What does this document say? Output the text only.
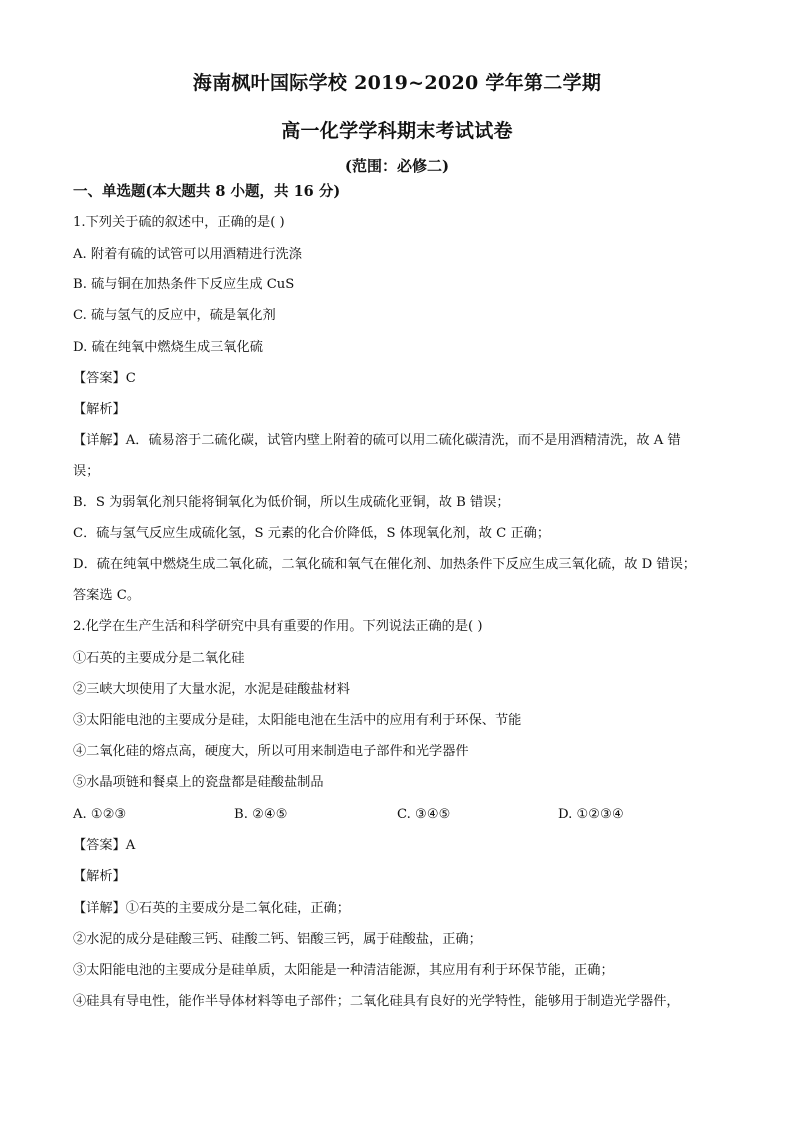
海南枫叶国际学校 2019~2020 学年第二学期
高一化学学科期末考试试卷
(范围：必修二)
一、单选题(本大题共 8 小题，共 16 分)
1.下列关于硫的叙述中，正确的是( )
A. 附着有硫的试管可以用酒精进行洗涤
B. 硫与铜在加热条件下反应生成 CuS
C. 硫与氢气的反应中，硫是氧化剂
D. 硫在纯氧中燃烧生成三氧化硫
【答案】C
【解析】
【详解】A．硫易溶于二硫化碳，试管内壁上附着的硫可以用二硫化碳清洗，而不是用酒精清洗，故 A 错
误；
B．S 为弱氧化剂只能将铜氧化为低价铜，所以生成硫化亚铜，故 B 错误；
C．硫与氢气反应生成硫化氢，S 元素的化合价降低，S 体现氧化剂，故 C 正确；
D．硫在纯氧中燃烧生成二氧化硫，二氧化硫和氧气在催化剂、加热条件下反应生成三氧化硫，故 D 错误；
答案选 C。
2.化学在生产生活和科学研究中具有重要的作用。下列说法正确的是( )
①石英的主要成分是二氧化硅
②三峡大坝使用了大量水泥，水泥是硅酸盐材料
③太阳能电池的主要成分是硅，太阳能电池在生活中的应用有利于环保、节能
④二氧化硅的熔点高，硬度大，所以可用来制造电子部件和光学器件
⑤水晶项链和餐桌上的瓷盘都是硅酸盐制品
A. ①②③	B. ②④⑤	C. ③④⑤	D. ①②③④
【答案】A
【解析】
【详解】①石英的主要成分是二氧化硅，正确；
②水泥的成分是硅酸三钙、硅酸二钙、铝酸三钙，属于硅酸盐，正确；
③太阳能电池的主要成分是硅单质，太阳能是一种清洁能源，其应用有利于环保节能，正确；
④硅具有导电性，能作半导体材料等电子部件；二氧化硅具有良好的光学特性，能够用于制造光学器件，
